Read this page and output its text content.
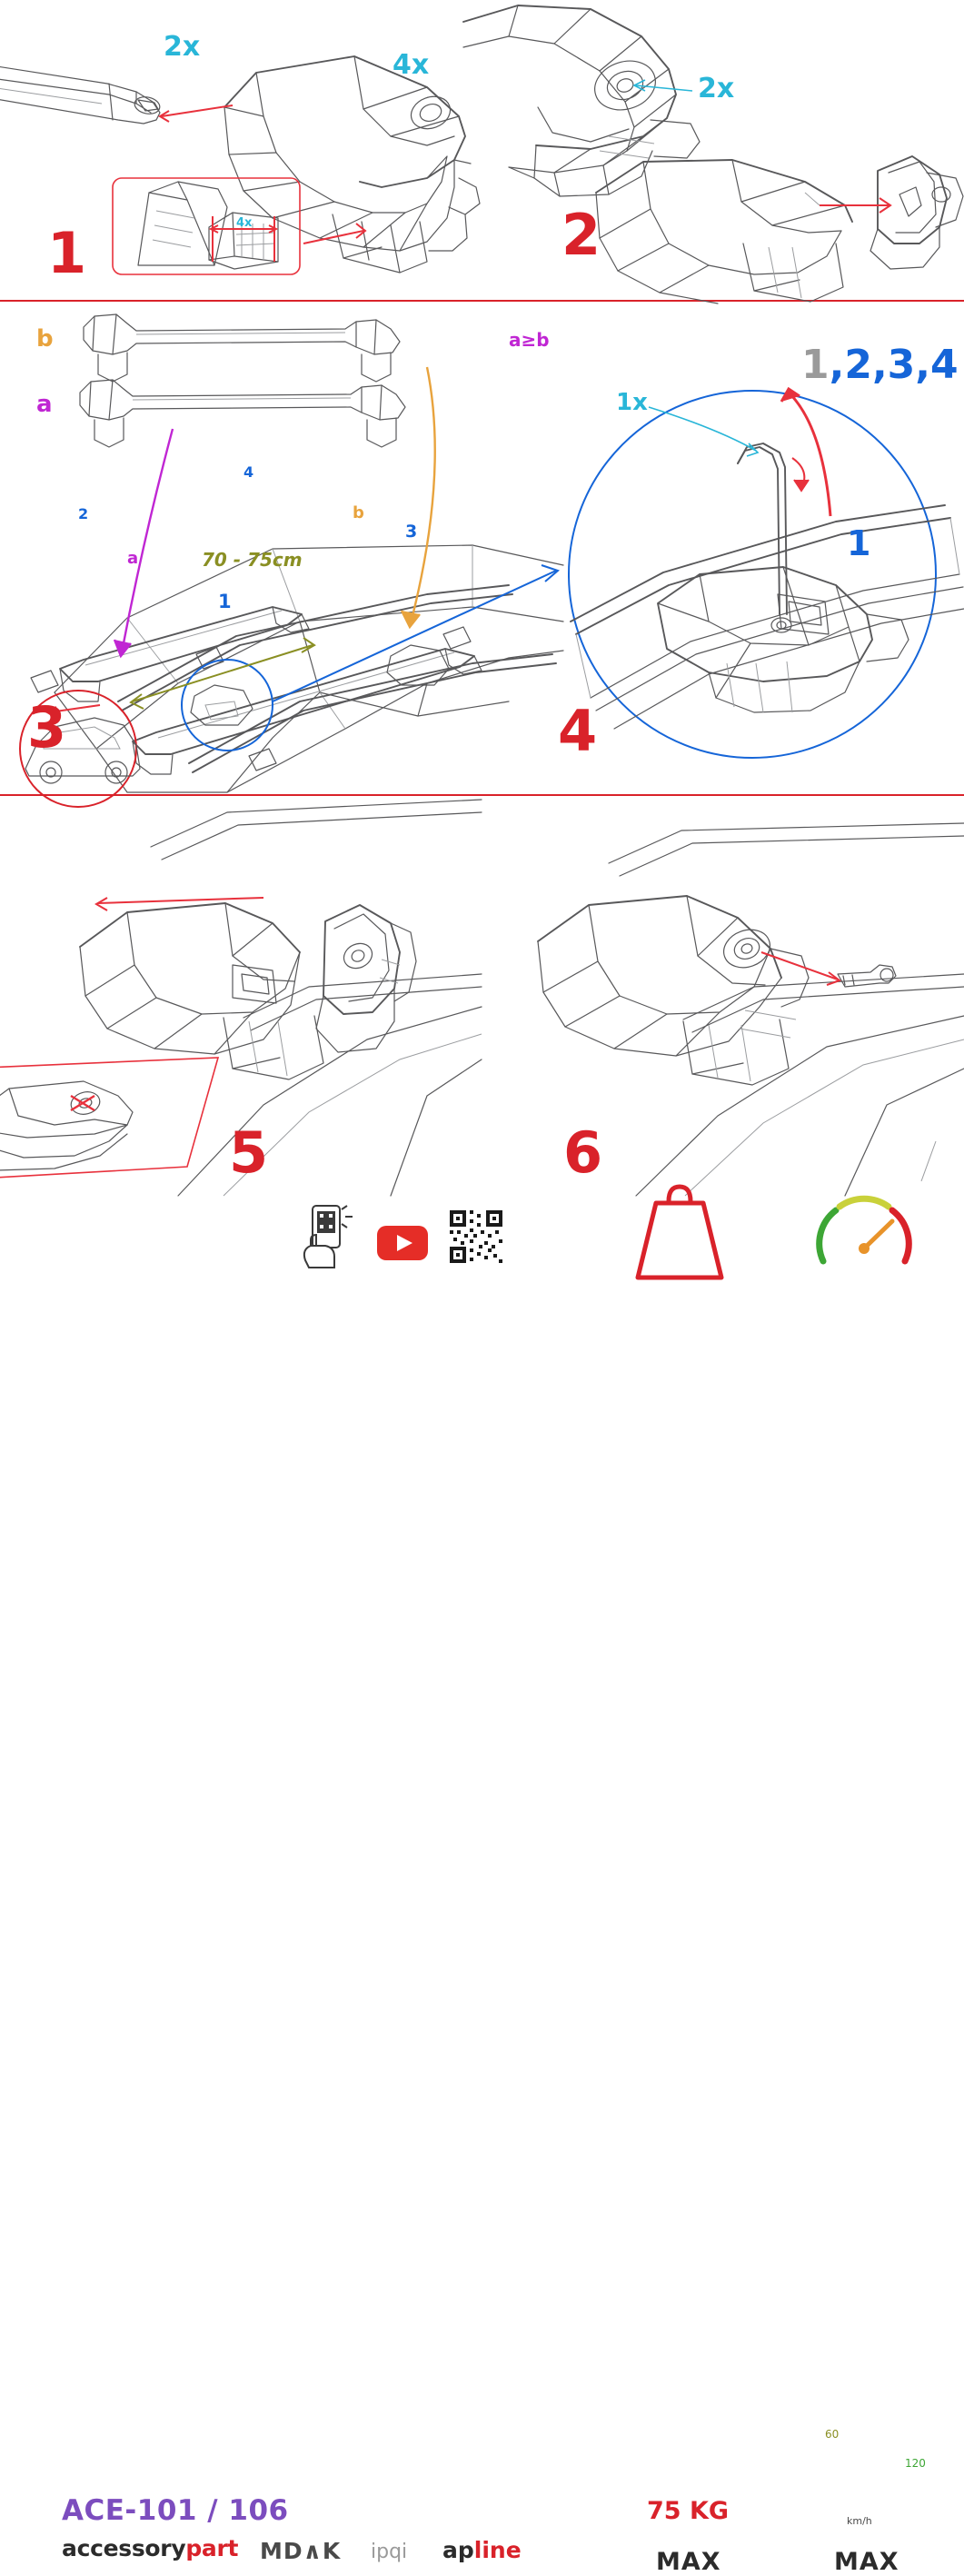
2x
4x
4x
1
2x
2
b
a
a
b
70 - 75cm
1
2
3
4
3
a≥b
1x
1,2,3,4
1
4
5	6
ACE-101 / 106
accessorypart MD∧K ipqi apline
75 KG
MAX
60
120
km/h
MAX
